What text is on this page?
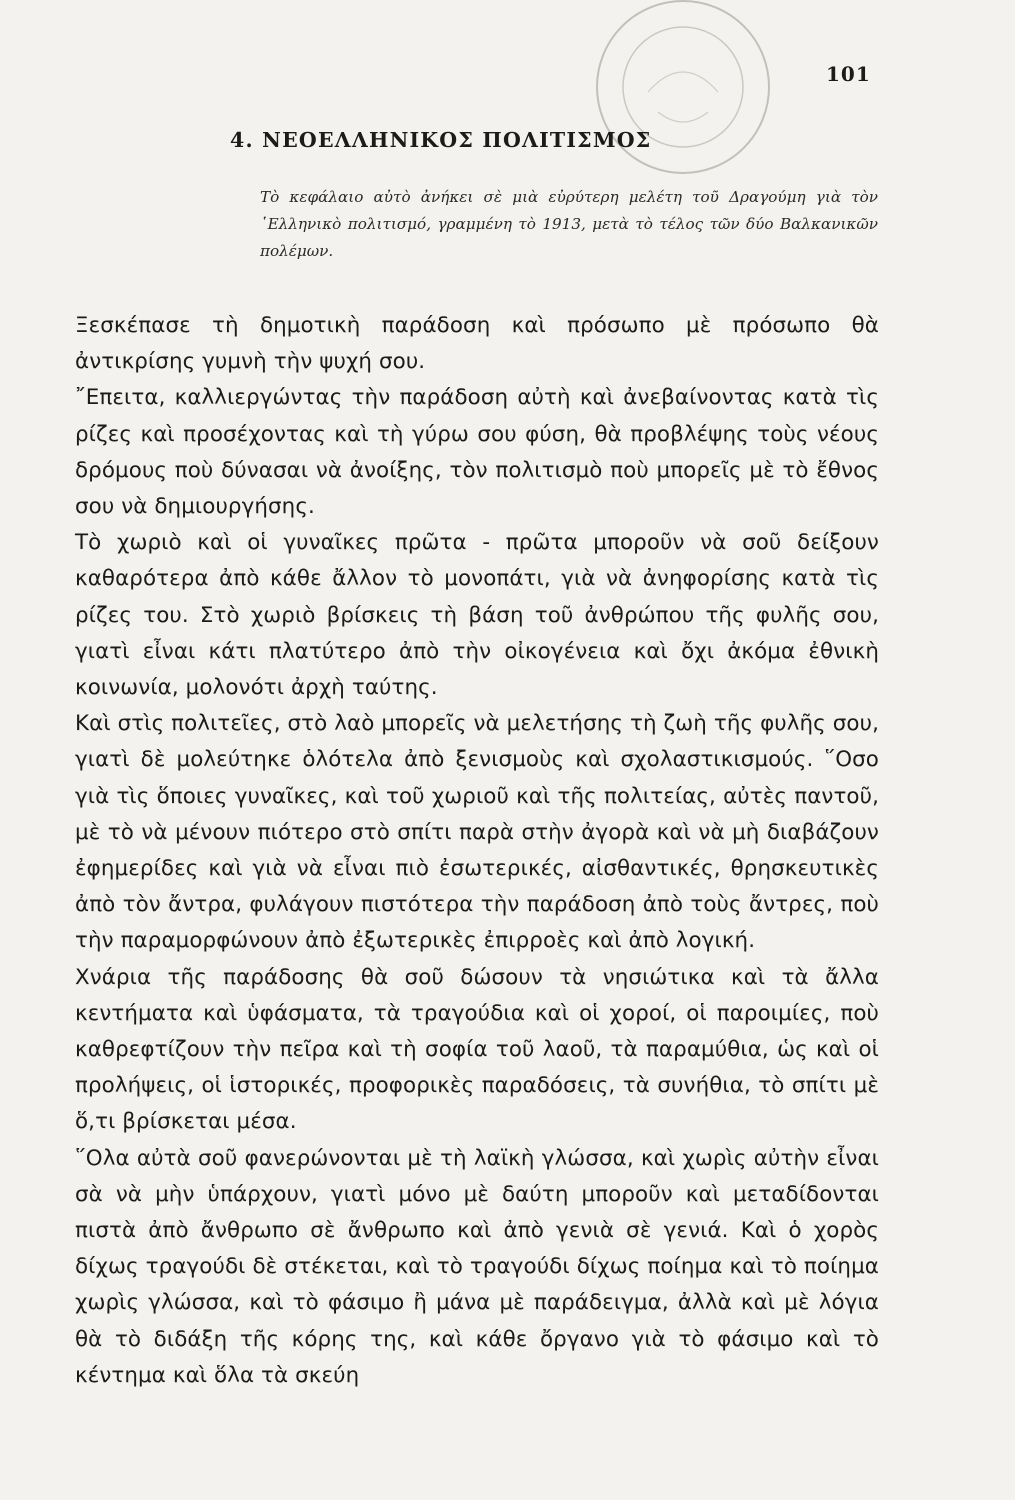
101
4. ΝΕΟΕΛΛΗΝΙΚΟΣ ΠΟΛΙΤΙΣΜΟΣ
Τὸ κεφάλαιο αὐτὸ ἀνήκει σὲ μιὰ εὐρύτερη μελέτη τοῦ Δραγούμη γιὰ τὸν ῾Ελληνικὸ πολιτισμό, γραμμένη τὸ 1913, μετὰ τὸ τέλος τῶν δύο Βαλκανικῶν πολέμων.

Ξεσκέπασε τὴ δημοτικὴ παράδοση καὶ πρόσωπο μὲ πρόσωπο θὰ ἀντικρίσης γυμνὴ τὴν ψυχή σου.

῎Επειτα, καλλιεργώντας τὴν παράδοση αὐτὴ καὶ ἀνεβαίνοντας κατὰ τὶς ρίζες καὶ προσέχοντας καὶ τὴ γύρω σου φύση, θὰ προβλέψης τοὺς νέους δρόμους ποὺ δύνασαι νὰ ἀνοίξης, τὸν πολιτισμὸ ποὺ μπορεῖς μὲ τὸ ἔθνος σου νὰ δημιουργήσης.

Τὸ χωριὸ καὶ οἱ γυναῖκες πρῶτα - πρῶτα μποροῦν νὰ σοῦ δείξουν καθαρότερα ἀπὸ κάθε ἄλλον τὸ μονοπάτι, γιὰ νὰ ἀνηφορίσης κατὰ τὶς ρίζες του. Στὸ χωριὸ βρίσκεις τὴ βάση τοῦ ἀνθρώπου τῆς φυλῆς σου, γιατὶ εἶναι κάτι πλατύτερο ἀπὸ τὴν οἰκογένεια καὶ ὄχι ἀκόμα ἐθνικὴ κοινωνία, μολονότι ἀρχὴ ταύτης.

Καὶ στὶς πολιτεῖες, στὸ λαὸ μπορεῖς νὰ μελετήσης τὴ ζωὴ τῆς φυλῆς σου, γιατὶ δὲ μολεύτηκε ὁλότελα ἀπὸ ξενισμοὺς καὶ σχολαστικισμούς. ῞Οσο γιὰ τὶς ὅποιες γυναῖκες, καὶ τοῦ χωριοῦ καὶ τῆς πολιτείας, αὐτὲς παντοῦ, μὲ τὸ νὰ μένουν πιότερο στὸ σπίτι παρὰ στὴν ἀγορὰ καὶ νὰ μὴ διαβάζουν ἐφημερίδες καὶ γιὰ νὰ εἶναι πιὸ ἐσωτερικές, αἰσθαντικές, θρησκευτικὲς ἀπὸ τὸν ἄντρα, φυλάγουν πιστότερα τὴν παράδοση ἀπὸ τοὺς ἄντρες, ποὺ τὴν παραμορφώνουν ἀπὸ ἐξωτερικὲς ἐπιρροὲς καὶ ἀπὸ λογική.

Χνάρια τῆς παράδοσης θὰ σοῦ δώσουν τὰ νησιώτικα καὶ τὰ ἄλλα κεντήματα καὶ ὑφάσματα, τὰ τραγούδια καὶ οἱ χοροί, οἱ παροιμίες, ποὺ καθρεφτίζουν τὴν πεῖρα καὶ τὴ σοφία τοῦ λαοῦ, τὰ παραμύθια, ὡς καὶ οἱ προλήψεις, οἱ ἱστορικές, προφορικὲς παραδόσεις, τὰ συνήθια, τὸ σπίτι μὲ ὅ,τι βρίσκεται μέσα.

῞Ολα αὐτὰ σοῦ φανερώνονται μὲ τὴ λαϊκὴ γλώσσα, καὶ χωρὶς αὐτὴν εἶναι σὰ νὰ μὴν ὑπάρχουν, γιατὶ μόνο μὲ δαύτη μποροῦν καὶ μεταδίδονται πιστὰ ἀπὸ ἄνθρωπο σὲ ἄνθρωπο καὶ ἀπὸ γενιὰ σὲ γενιά. Καὶ ὁ χορὸς δίχως τραγούδι δὲ στέκεται, καὶ τὸ τραγούδι δίχως ποίημα καὶ τὸ ποίημα χωρὶς γλώσσα, καὶ τὸ φάσιμο ἢ μάνα μὲ παράδειγμα, ἀλλὰ καὶ μὲ λόγια θὰ τὸ διδάξη τῆς κόρης της, καὶ κάθε ὄργανο γιὰ τὸ φάσιμο καὶ τὸ κέντημα καὶ ὅλα τὰ σκεύη
